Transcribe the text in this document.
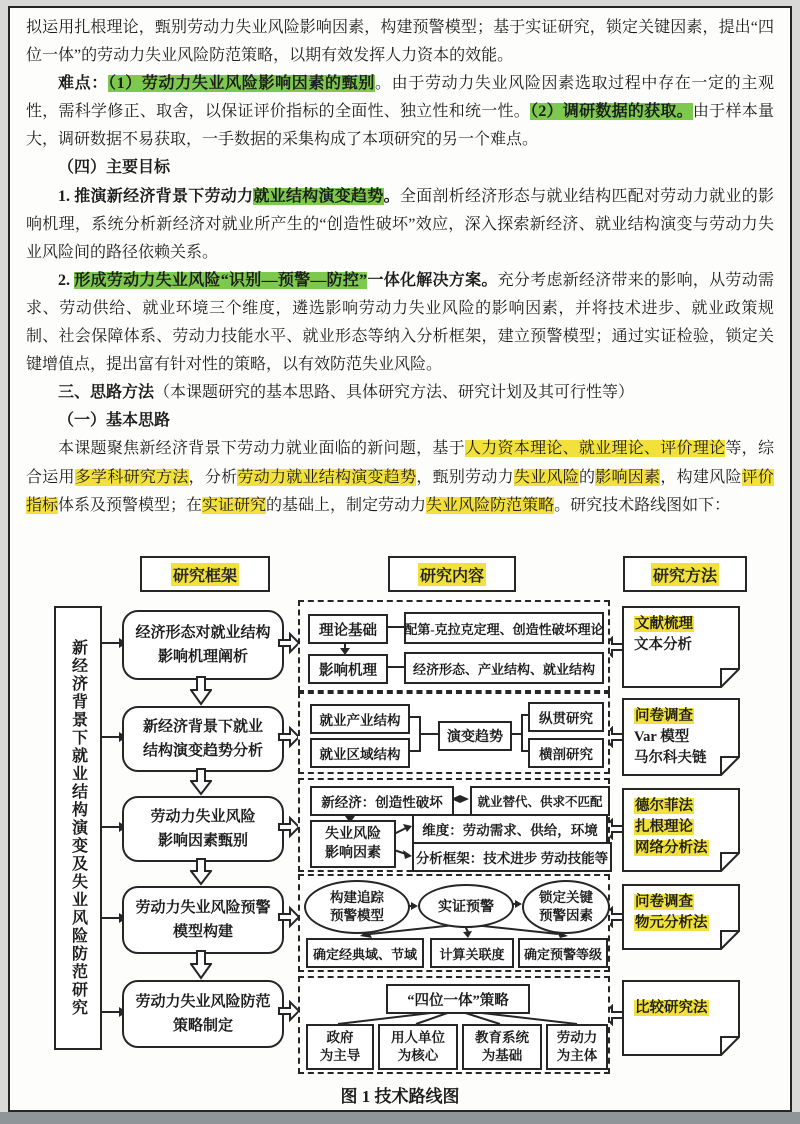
拟运用扎根理论，甄别劳动力失业风险影响因素，构建预警模型；基于实证研究，锁定关键因素，提出“四位一体”的劳动力失业风险防范策略，以期有效发挥人力资本的效能。

难点：（1）劳动力失业风险影响因素的甄别。由于劳动力失业风险因素选取过程中存在一定的主观性，需科学修正、取舍，以保证评价指标的全面性、独立性和统一性。（2）调研数据的获取。由于样本量大，调研数据不易获取，一手数据的采集构成了本项研究的另一个难点。

（四）主要目标

1. 推演新经济背景下劳动力就业结构演变趋势。全面剖析经济形态与就业结构匹配对劳动力就业的影响机理，系统分析新经济对就业所产生的“创造性破坏”效应，深入探索新经济、就业结构演变与劳动力失业风险间的路径依赖关系。

2. 形成劳动力失业风险“识别—预警—防控”一体化解决方案。充分考虑新经济带来的影响，从劳动需求、劳动供给、就业环境三个维度，遴选影响劳动力失业风险的影响因素，并将技术进步、就业政策规制、社会保障体系、劳动力技能水平、就业形态等纳入分析框架，建立预警模型；通过实证检验，锁定关键增值点，提出富有针对性的策略，以有效防范失业风险。

三、思路方法（本课题研究的基本思路、具体研究方法、研究计划及其可行性等）

（一）基本思路

本课题聚焦新经济背景下劳动力就业面临的新问题，基于人力资本理论、就业理论、评价理论等，综合运用多学科研究方法，分析劳动力就业结构演变趋势，甄别劳动力失业风险的影响因素，构建风险评价指标体系及预警模型；在实证研究的基础上，制定劳动力失业风险防范策略。研究技术路线图如下：

研究框架	研究内容	研究方法
新经济背景下就业结构演变及失业风险防范研究
经济形态对就业结构
影响机理阐析
新经济背景下就业
结构演变趋势分析
劳动力失业风险
影响因素甄别
劳动力失业风险预警
模型构建
劳动力失业风险防范
策略制定
理论基础	配第-克拉克定理、创造性破坏理论
影响机理	经济形态、产业结构、就业结构
就业产业结构
就业区域结构
演变趋势
纵贯研究
横剖研究
新经济：创造性破坏	就业替代、供求不匹配
失业风险
影响因素
维度：劳动需求、供给，环境
分析框架：技术进步 劳动技能等
构建追踪
预警模型
实证预警
锁定关键
预警因素
确定经典域、节域	计算关联度	确定预警等级
“四位一体”策略
政府
为主导
用人单位
为核心
教育系统
为基础
劳动力
为主体
文献梳理
文本分析
问卷调查
Var 模型
马尔科夫链
德尔菲法
扎根理论
网络分析法
问卷调查
物元分析法
比较研究法
图 1 技术路线图
